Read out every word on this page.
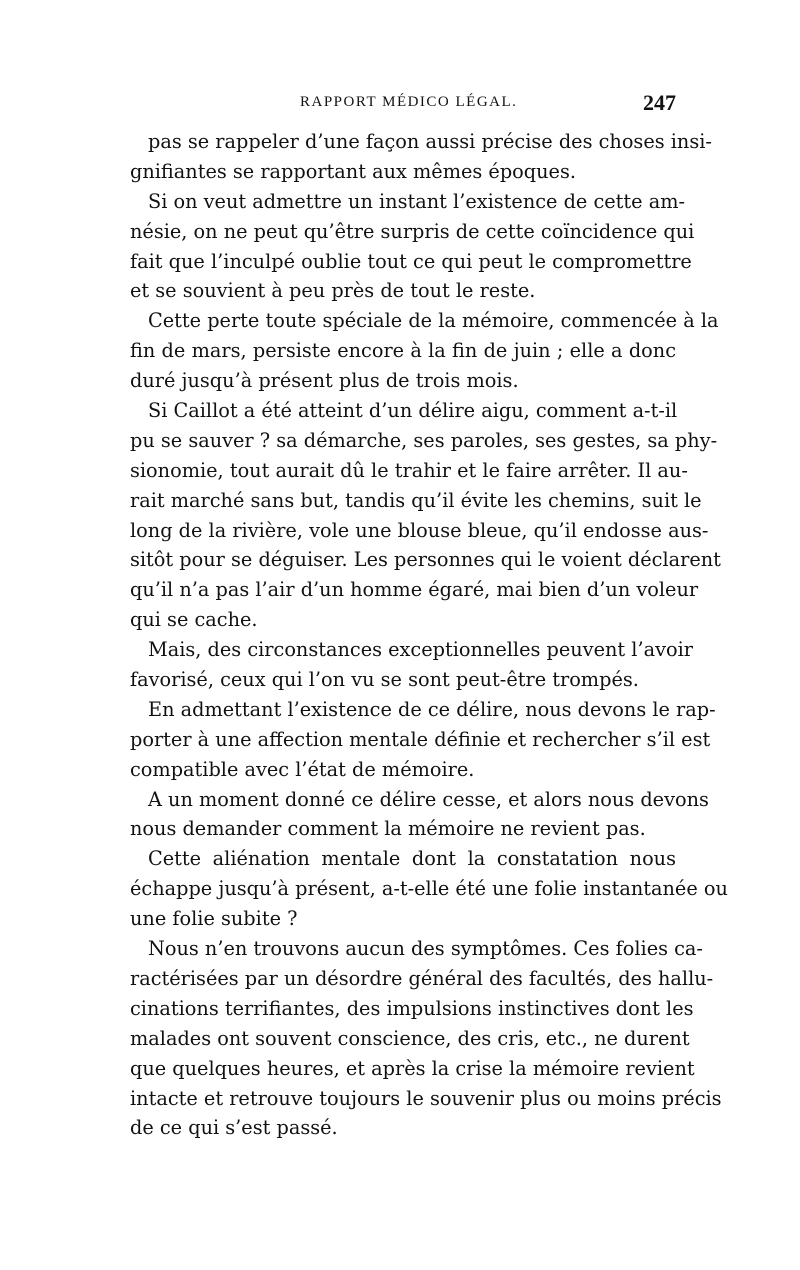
RAPPORT MÉDICO LÉGAL.	247
pas se rappeler d’une façon aussi précise des choses insi-
gnifiantes se rapportant aux mêmes époques.
Si on veut admettre un instant l’existence de cette am-
nésie, on ne peut qu’être surpris de cette coïncidence qui
fait que l’inculpé oublie tout ce qui peut le compromettre
et se souvient à peu près de tout le reste.
Cette perte toute spéciale de la mémoire, commencée à la
fin de mars, persiste encore à la fin de juin ; elle a donc
duré jusqu’à présent plus de trois mois.
Si Caillot a été atteint d’un délire aigu, comment a-t-il
pu se sauver ? sa démarche, ses paroles, ses gestes, sa phy-
sionomie, tout aurait dû le trahir et le faire arrêter. Il au-
rait marché sans but, tandis qu’il évite les chemins, suit le
long de la rivière, vole une blouse bleue, qu’il endosse aus-
sitôt pour se déguiser. Les personnes qui le voient déclarent
qu’il n’a pas l’air d’un homme égaré, mai bien d’un voleur
qui se cache.
Mais, des circonstances exceptionnelles peuvent l’avoir
favorisé, ceux qui l’on vu se sont peut-être trompés.
En admettant l’existence de ce délire, nous devons le rap-
porter à une affection mentale définie et rechercher s’il est
compatible avec l’état de mémoire.
A un moment donné ce délire cesse, et alors nous devons
nous demander comment la mémoire ne revient pas.
Cette aliénation mentale dont la constatation nous
échappe jusqu’à présent, a-t-elle été une folie instantanée ou
une folie subite ?
Nous n’en trouvons aucun des symptômes. Ces folies ca-
ractérisées par un désordre général des facultés, des hallu-
cinations terrifiantes, des impulsions instinctives dont les
malades ont souvent conscience, des cris, etc., ne durent
que quelques heures, et après la crise la mémoire revient
intacte et retrouve toujours le souvenir plus ou moins précis
de ce qui s’est passé.
